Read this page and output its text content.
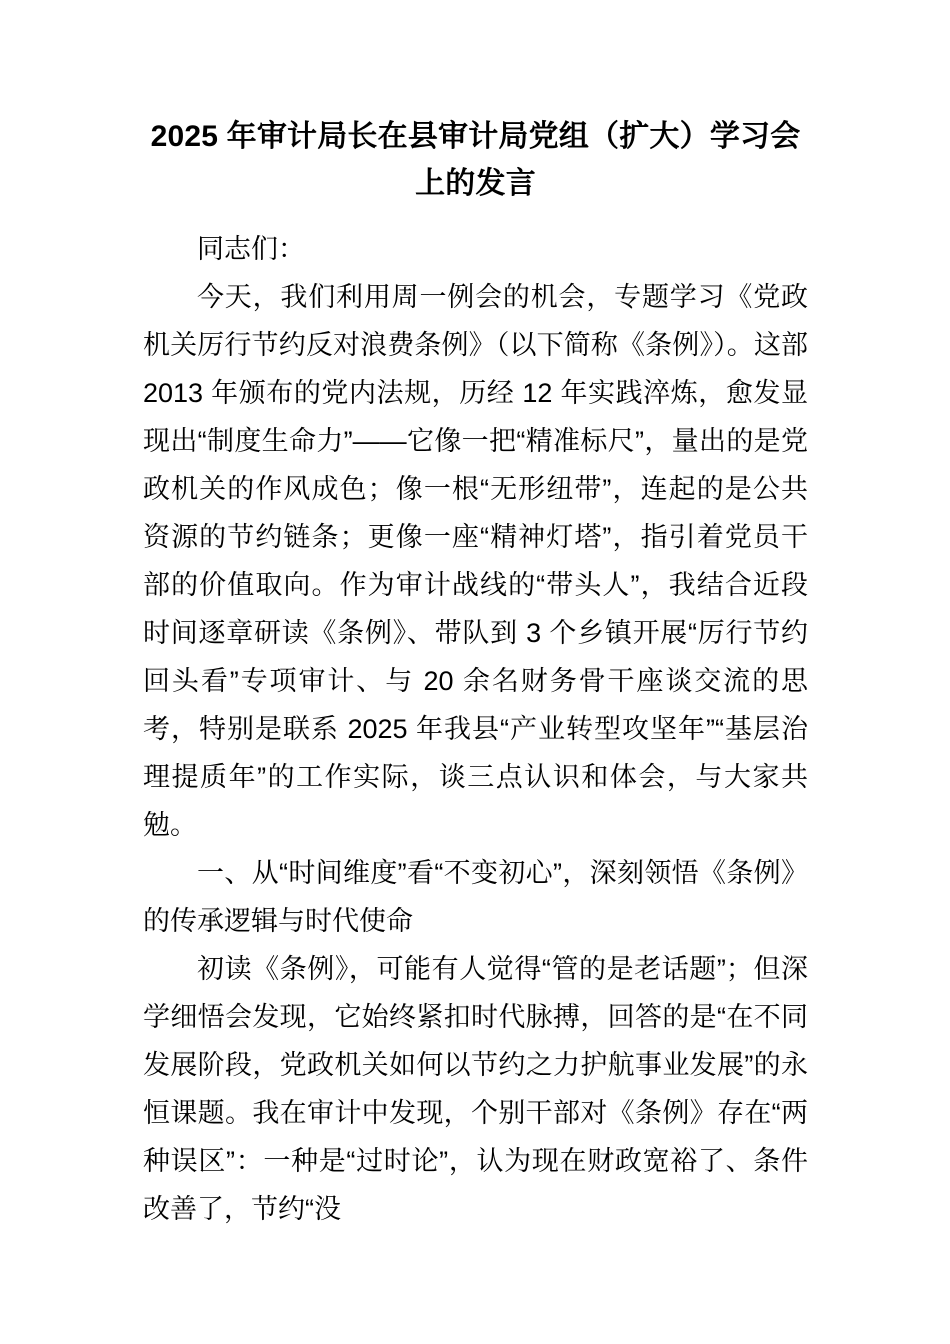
2025 年审计局长在县审计局党组（扩大）学习会上的发言

同志们：

今天，我们利用周一例会的机会，专题学习《党政机关厉行节约反对浪费条例》（以下简称《条例》）。这部 2013 年颁布的党内法规，历经 12 年实践淬炼，愈发显现出“制度生命力”——它像一把“精准标尺”，量出的是党政机关的作风成色；像一根“无形纽带”，连起的是公共资源的节约链条；更像一座“精神灯塔”，指引着党员干部的价值取向。作为审计战线的“带头人”，我结合近段时间逐章研读《条例》、带队到 3 个乡镇开展“厉行节约回头看”专项审计、与 20 余名财务骨干座谈交流的思考，特别是联系 2025 年我县“产业转型攻坚年”“基层治理提质年”的工作实际，谈三点认识和体会，与大家共勉。

一、从“时间维度”看“不变初心”，深刻领悟《条例》的传承逻辑与时代使命

初读《条例》，可能有人觉得“管的是老话题”；但深学细悟会发现，它始终紧扣时代脉搏，回答的是“在不同发展阶段，党政机关如何以节约之力护航事业发展”的永恒课题。我在审计中发现，个别干部对《条例》存在“两种误区”：一种是“过时论”，认为现在财政宽裕了、条件改善了，节约“没
